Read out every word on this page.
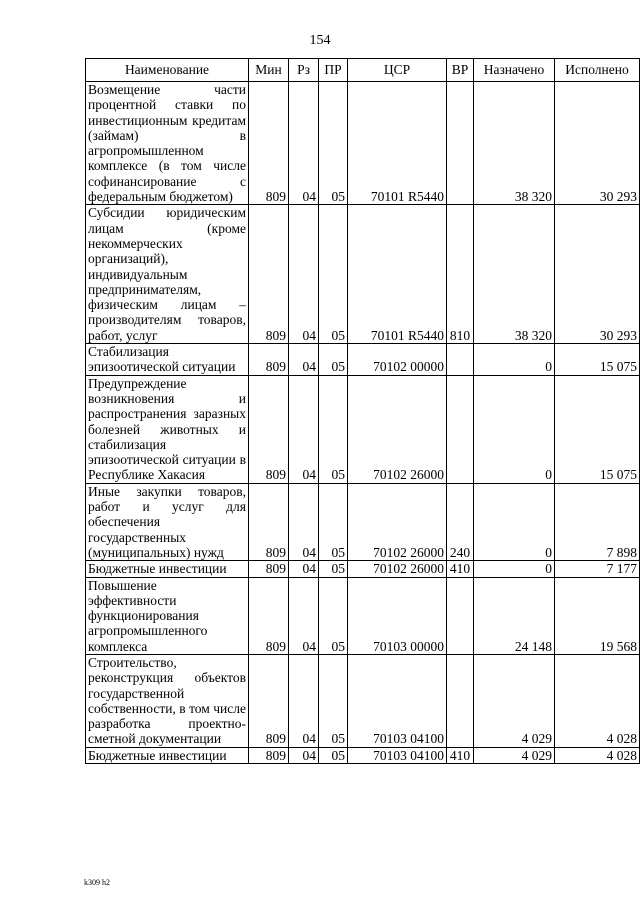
154
Наименование	Мин	Рз	ПР	ЦСР	ВР	Назначено	Исполнено
Возмещение части процентной ставки по инвестиционным кредитам (займам) в агропромышленном комплексе (в том числе софинансирование с федеральным бюджетом)	809	04	05	70101 R5440		38 320	30 293
Субсидии юридическим лицам (кроме некоммерческих организаций), индивидуальным предпринимателям, физическим лицам – производителям товаров, работ, услуг	809	04	05	70101 R5440	810	38 320	30 293
Стабилизация эпизоотической ситуации	809	04	05	70102 00000		0	15 075
Предупреждение возникновения и распространения заразных болезней животных и стабилизация эпизоотической ситуации в Республике Хакасия	809	04	05	70102 26000		0	15 075
Иные закупки товаров, работ и услуг для обеспечения государственных (муниципальных) нужд	809	04	05	70102 26000	240	0	7 898
Бюджетные инвестиции	809	04	05	70102 26000	410	0	7 177
Повышение эффективности функционирования агропромышленного комплекса	809	04	05	70103 00000		24 148	19 568
Строительство, реконструкция объектов государственной собственности, в том числе разработка проектно-сметной документации	809	04	05	70103 04100		4 029	4 028
Бюджетные инвестиции	809	04	05	70103 04100	410	4 029	4 028
k309 h2
